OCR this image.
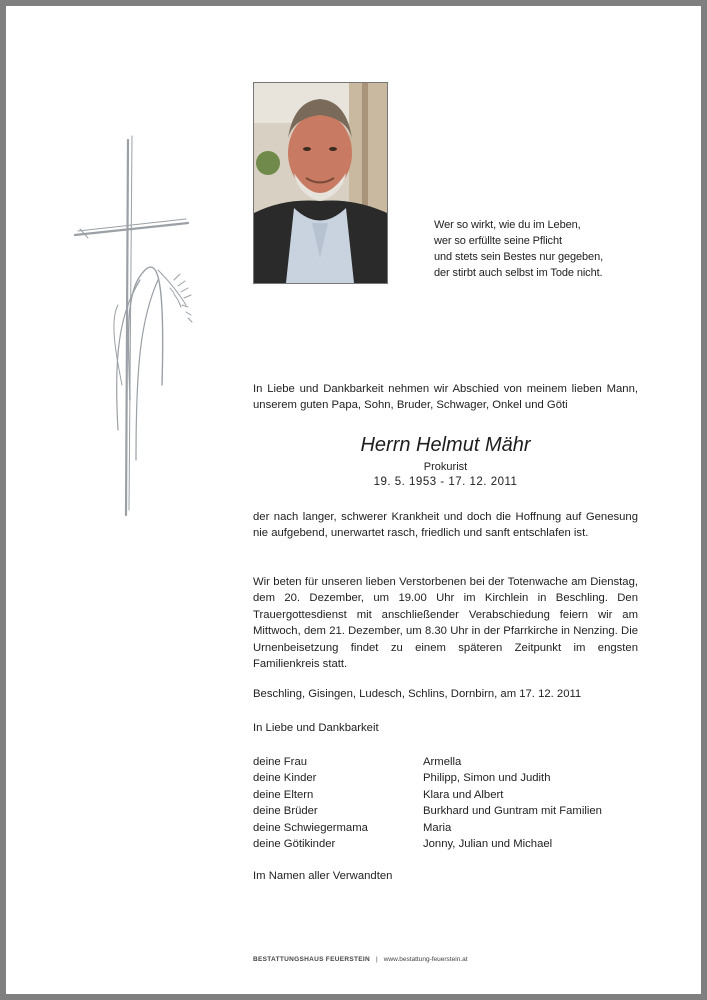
Wer so wirkt, wie du im Leben,
wer so erfüllte seine Pflicht
und stets sein Bestes nur gegeben,
der stirbt auch selbst im Tode nicht.
In Liebe und Dankbarkeit nehmen wir Abschied von meinem lieben Mann, unserem guten Papa, Sohn, Bruder, Schwager, Onkel und Göti
Herrn Helmut Mähr
Prokurist
19. 5. 1953 - 17. 12. 2011
der nach langer, schwerer Krankheit und doch die Hoffnung auf Genesung nie aufgebend, unerwartet rasch, friedlich und sanft entschlafen ist.
Wir beten für unseren lieben Verstorbenen bei der Totenwache am Dienstag, dem 20. Dezember, um 19.00 Uhr im Kirchlein in Beschling. Den Trauergottesdienst mit anschließender Verabschiedung feiern wir am Mittwoch, dem 21. Dezember, um 8.30 Uhr in der Pfarrkirche in Nenzing. Die Urnenbeisetzung findet zu einem späteren Zeitpunkt im engsten Familienkreis statt.
Beschling, Gisingen, Ludesch, Schlins, Dornbirn, am 17. 12. 2011
In Liebe und Dankbarkeit
deine Frau	Armella
deine Kinder	Philipp, Simon und Judith
deine Eltern	Klara und Albert
deine Brüder	Burkhard und Guntram mit Familien
deine Schwiegermama	Maria
deine Götikinder	Jonny, Julian und Michael
Im Namen aller Verwandten
BESTATTUNGSHAUS FEUERSTEIN | www.bestattung-feuerstein.at
